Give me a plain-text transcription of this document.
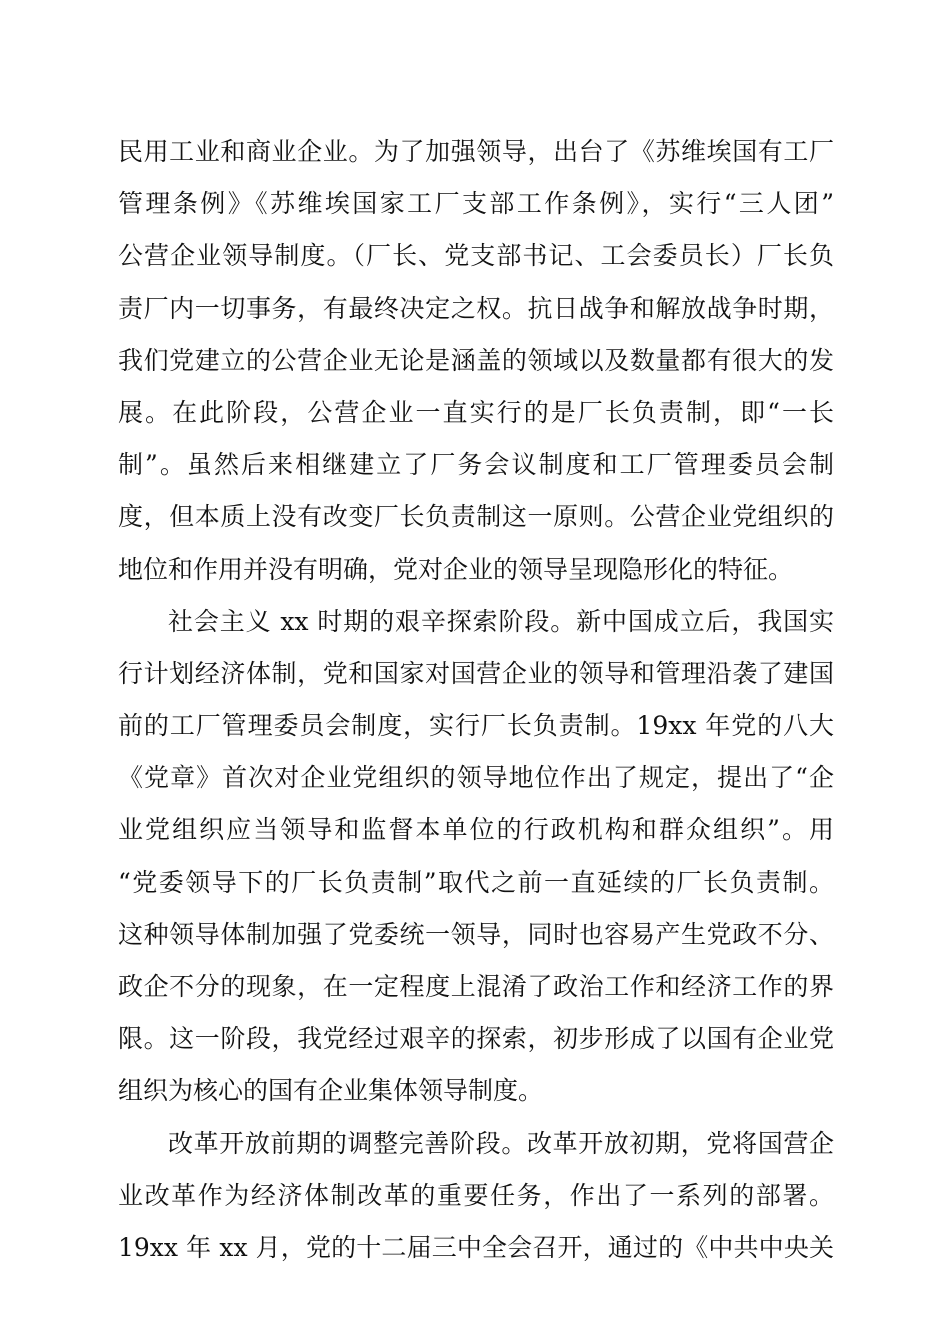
民用工业和商业企业。为了加强领导，出台了《苏维埃国有工厂
管理条例》《苏维埃国家工厂支部工作条例》，实行“三人团”
公营企业领导制度。（厂长、党支部书记、工会委员长）厂长负
责厂内一切事务，有最终决定之权。抗日战争和解放战争时期，
我们党建立的公营企业无论是涵盖的领域以及数量都有很大的发
展。在此阶段，公营企业一直实行的是厂长负责制，即“一长
制”。虽然后来相继建立了厂务会议制度和工厂管理委员会制
度，但本质上没有改变厂长负责制这一原则。公营企业党组织的
地位和作用并没有明确，党对企业的领导呈现隐形化的特征。
社会主义 xx 时期的艰辛探索阶段。新中国成立后，我国实
行计划经济体制，党和国家对国营企业的领导和管理沿袭了建国
前的工厂管理委员会制度，实行厂长负责制。19xx 年党的八大
《党章》首次对企业党组织的领导地位作出了规定，提出了“企
业党组织应当领导和监督本单位的行政机构和群众组织”。用
“党委领导下的厂长负责制”取代之前一直延续的厂长负责制。
这种领导体制加强了党委统一领导，同时也容易产生党政不分、
政企不分的现象，在一定程度上混淆了政治工作和经济工作的界
限。这一阶段，我党经过艰辛的探索，初步形成了以国有企业党
组织为核心的国有企业集体领导制度。
改革开放前期的调整完善阶段。改革开放初期，党将国营企
业改革作为经济体制改革的重要任务，作出了一系列的部署。
19xx 年 xx 月，党的十二届三中全会召开，通过的《中共中央关
